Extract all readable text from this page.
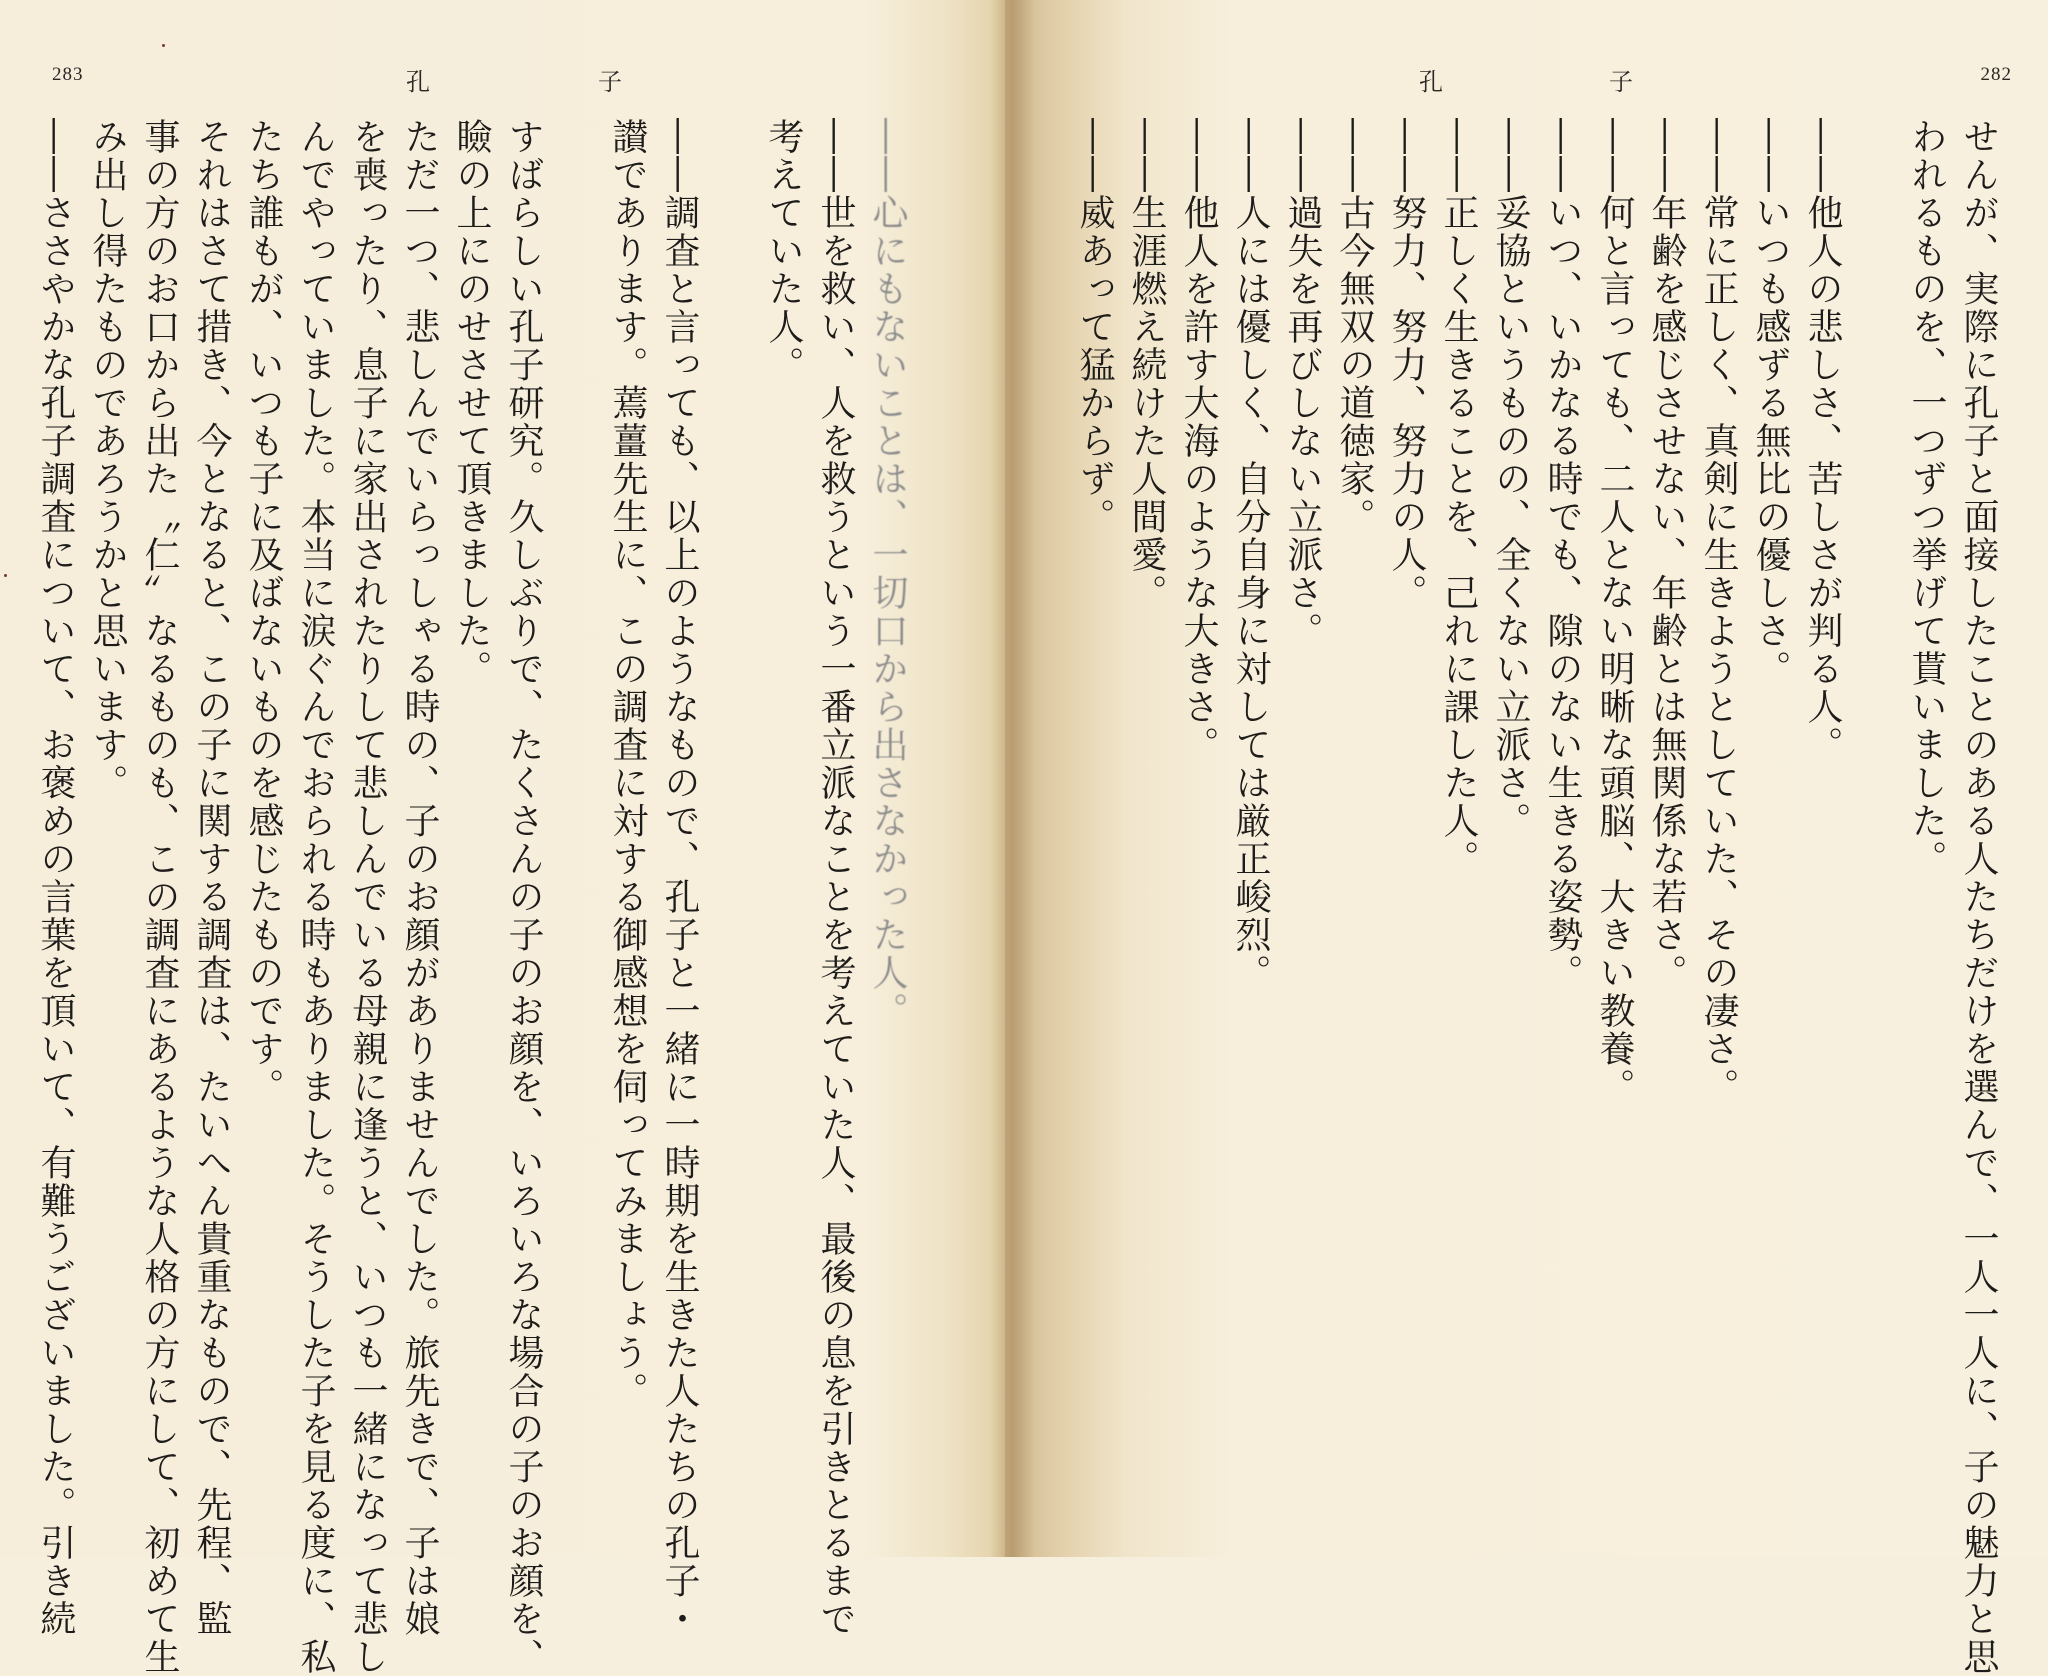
283	孔	子
――心にもないことは、一切口から出さなかった人。
――世を救い、人を救うという一番立派なことを考えていた人、最後の息を引きとるまで
考えていた人。
――調査と言っても、以上のようなもので、孔子と一緒に一時期を生きた人たちの孔子・
讃であります。蔫薑先生に、この調査に対する御感想を伺ってみましょう。
すばらしい孔子研究。久しぶりで、たくさんの子のお顔を、いろいろな場合の子のお顔を、
瞼の上にのせさせて頂きました。
ただ一つ、悲しんでいらっしゃる時の、子のお顔がありませんでした。旅先きで、子は娘
を喪ったり、息子に家出されたりして悲しんでいる母親に逢うと、いつも一緒になって悲し
んでやっていました。本当に涙ぐんでおられる時もありました。そうした子を見る度に、私
たち誰もが、いつも子に及ばないものを感じたものです。
それはさて措き、今となると、この子に関する調査は、たいへん貴重なもので、先程、監
事の方のお口から出た〝仁〟なるものも、この調査にあるような人格の方にして、初めて生
み出し得たものであろうかと思います。
――ささやかな孔子調査について、お褒めの言葉を頂いて、有難うございました。引き続
282
孔	子
せんが、実際に孔子と面接したことのある人たちだけを選んで、一人一人に、子の魅力と思
われるものを、一つずつ挙げて貰いました。
――他人の悲しさ、苦しさが判る人。
――いつも感ずる無比の優しさ。
――常に正しく、真剣に生きようとしていた、その凄さ。
――年齢を感じさせない、年齢とは無関係な若さ。
――何と言っても、二人とない明晰な頭脳、大きい教養。
――いつ、いかなる時でも、隙のない生きる姿勢。
――妥協というものの、全くない立派さ。
――正しく生きることを、己れに課した人。
――努力、努力、努力の人。
――古今無双の道徳家。
――過失を再びしない立派さ。
――人には優しく、自分自身に対しては厳正峻烈。
――他人を許す大海のような大きさ。
――生涯燃え続けた人間愛。
――威あって猛からず。
